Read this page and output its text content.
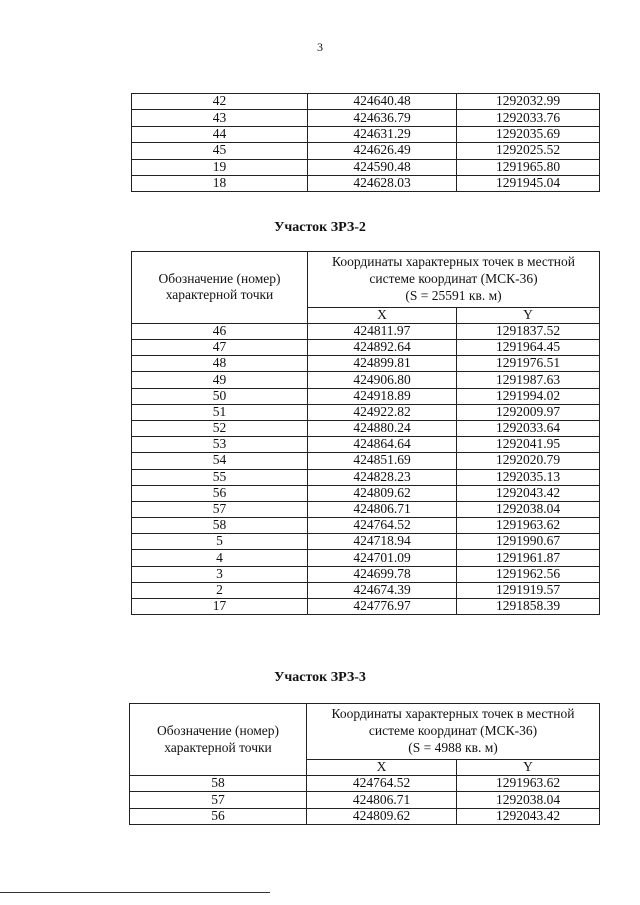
3
42	424640.48	1292032.99
43	424636.79	1292033.76
44	424631.29	1292035.69
45	424626.49	1292025.52
19	424590.48	1291965.80
18	424628.03	1291945.04
Участок ЗРЗ-2
Обозначение (номер) характерной точки	Координаты характерных точек в местной системе координат (МСК-36)
(S = 25591 кв. м)	

	X	Y
46	424811.97	1291837.52
47	424892.64	1291964.45
48	424899.81	1291976.51
49	424906.80	1291987.63
50	424918.89	1291994.02
51	424922.82	1292009.97
52	424880.24	1292033.64
53	424864.64	1292041.95
54	424851.69	1292020.79
55	424828.23	1292035.13
56	424809.62	1292043.42
57	424806.71	1292038.04
58	424764.52	1291963.62
5	424718.94	1291990.67
4	424701.09	1291961.87
3	424699.78	1291962.56
2	424674.39	1291919.57
17	424776.97	1291858.39
Участок ЗРЗ-3
Обозначение (номер) характерной точки	Координаты характерных точек в местной системе координат (МСК-36)
(S = 4988 кв. м)	

	X	Y
58	424764.52	1291963.62
57	424806.71	1292038.04
56	424809.62	1292043.42
